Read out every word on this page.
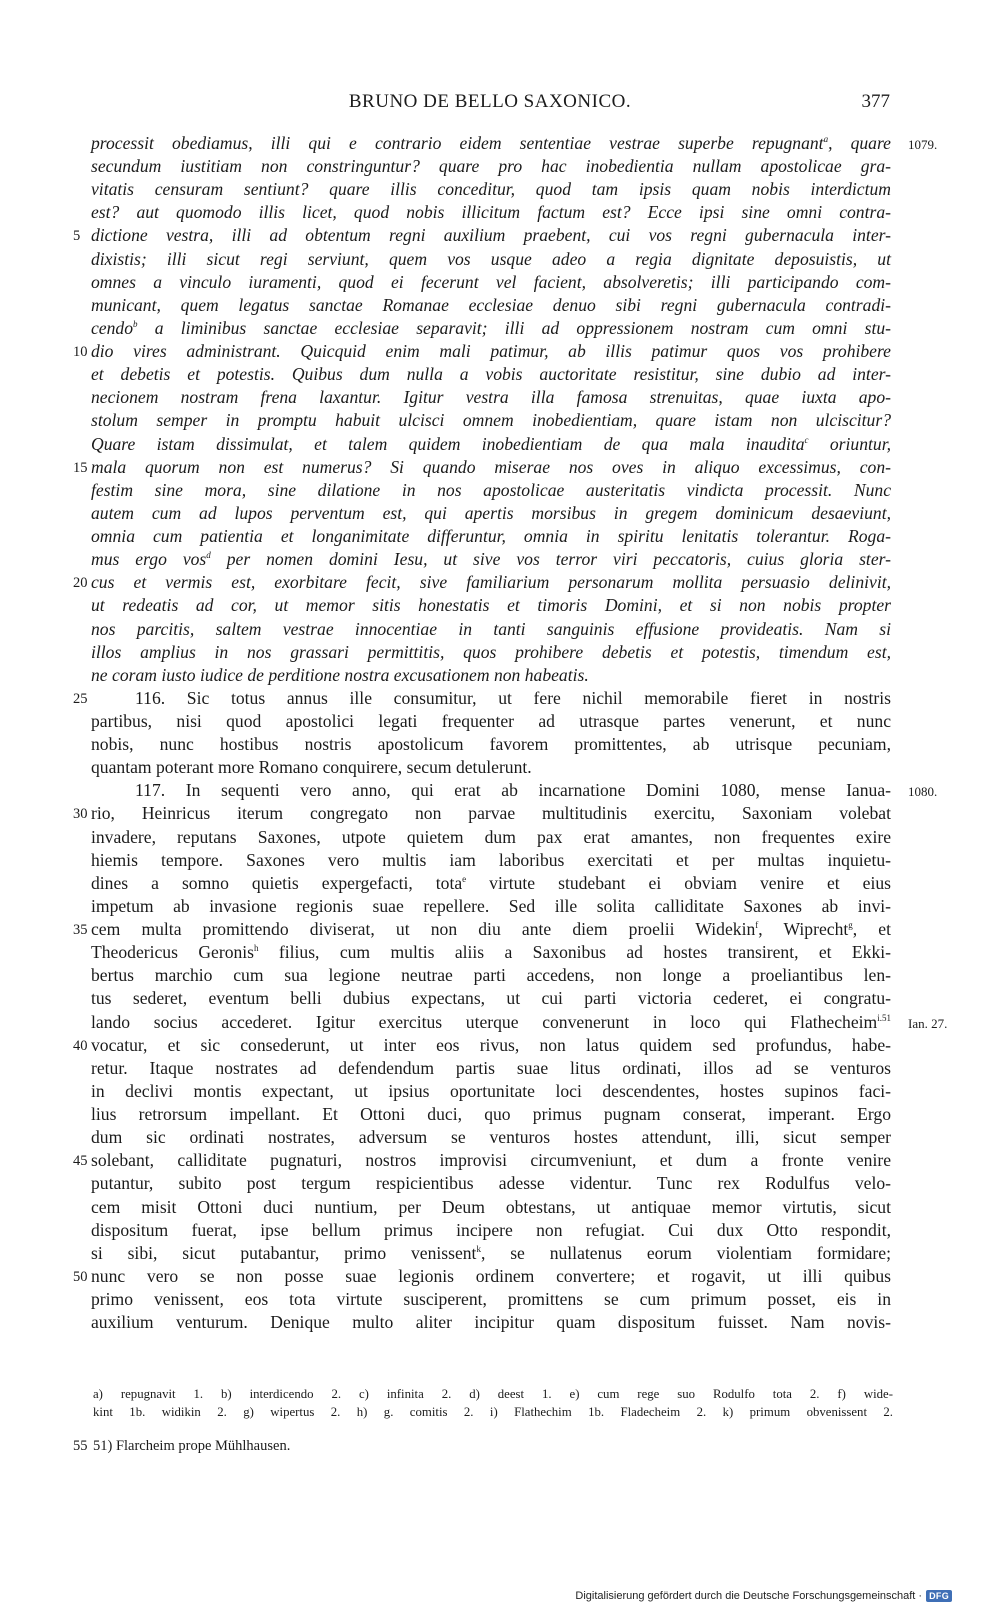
BRUNO DE BELLO SAXONICO.	377
processit obediamus, illi qui e contrario eidem sententiae vestrae superbe repugnant$^a$, quare
secundum iustitiam non constringuntur? quare pro hac inobedientia nullam apostolicae gra-
vitatis censuram sentiunt? quare illis conceditur, quod tam ipsis quam nobis interdictum
est? aut quomodo illis licet, quod nobis illicitum factum est? Ecce ipsi sine omni contra-
dictione vestra, illi ad obtentum regni auxilium praebent, cui vos regni gubernacula inter-
dixistis; illi sicut regi serviunt, quem vos usque adeo a regia dignitate deposuistis, ut
omnes a vinculo iuramenti, quod ei fecerunt vel facient, absolveretis; illi participando com-
municant, quem legatus sanctae Romanae ecclesiae denuo sibi regni gubernacula contradi-
cendo$^b$ a liminibus sanctae ecclesiae separavit; illi ad oppressionem nostram cum omni stu-
dio vires administrant. Quicquid enim mali patimur, ab illis patimur quos vos prohibere
et debetis et potestis. Quibus dum nulla a vobis auctoritate resistitur, sine dubio ad inter-
necionem nostram frena laxantur. Igitur vestra illa famosa strenuitas, quae iuxta apo-
stolum semper in promptu habuit ulcisci omnem inobedientiam, quare istam non ulciscitur?
Quare istam dissimulat, et talem quidem inobedientiam de qua mala inaudita$^c$ oriuntur,
mala quorum non est numerus? Si quando miserae nos oves in aliquo excessimus, con-
festim sine mora, sine dilatione in nos apostolicae austeritatis vindicta processit. Nunc
autem cum ad lupos perventum est, qui apertis morsibus in gregem dominicum desaeviunt,
omnia cum patientia et longanimitate differuntur, omnia in spiritu lenitatis tolerantur. Roga-
mus ergo vos$^d$ per nomen domini Iesu, ut sive vos terror viri peccatoris, cuius gloria ster-
cus et vermis est, exorbitare fecit, sive familiarium personarum mollita persuasio delinivit,
ut redeatis ad cor, ut memor sitis honestatis et timoris Domini, et si non nobis propter
nos parcitis, saltem vestrae innocentiae in tanti sanguinis effusione provideatis. Nam si
illos amplius in nos grassari permittitis, quos prohibere debetis et potestis, timendum est,
ne coram iusto iudice de perditione nostra excusationem non habeatis.
116. Sic totus annus ille consumitur, ut fere nichil memorabile fieret in nostris
partibus, nisi quod apostolici legati frequenter ad utrasque partes venerunt, et nunc
nobis, nunc hostibus nostris apostolicum favorem promittentes, ab utrisque pecuniam,
quantam poterant more Romano conquirere, secum detulerunt.
117. In sequenti vero anno, qui erat ab incarnatione Domini 1080, mense Ianua-
rio, Heinricus iterum congregato non parvae multitudinis exercitu, Saxoniam volebat
invadere, reputans Saxones, utpote quietem dum pax erat amantes, non frequentes exire
hiemis tempore. Saxones vero multis iam laboribus exercitati et per multas inquietu-
dines a somno quietis expergefacti, tota$^e$ virtute studebant ei obviam venire et eius
impetum ab invasione regionis suae repellere. Sed ille solita calliditate Saxones ab invi-
cem multa promittendo diviserat, ut non diu ante diem proelii Widekin$^f$, Wiprecht$^g$, et
Theodericus Geronis$^h$ filius, cum multis aliis a Saxonibus ad hostes transirent, et Ekki-
bertus marchio cum sua legione neutrae parti accedens, non longe a proeliantibus len-
tus sederet, eventum belli dubius expectans, ut cui parti victoria cederet, ei congratu-
lando socius accederet. Igitur exercitus uterque convenerunt in loco qui Flathecheim$^{i.51}$
vocatur, et sic consederunt, ut inter eos rivus, non latus quidem sed profundus, habe-
retur. Itaque nostrates ad defendendum partis suae litus ordinati, illos ad se venturos
in declivi montis expectant, ut ipsius oportunitate loci descendentes, hostes supinos faci-
lius retrorsum impellant. Et Ottoni duci, quo primus pugnam conserat, imperant. Ergo
dum sic ordinati nostrates, adversum se venturos hostes attendunt, illi, sicut semper
solebant, calliditate pugnaturi, nostros improvisi circumveniunt, et dum a fronte venire
putantur, subito post tergum respicientibus adesse videntur. Tunc rex Rodulfus velo-
cem misit Ottoni duci nuntium, per Deum obtestans, ut antiquae memor virtutis, sicut
dispositum fuerat, ipse bellum primus incipere non refugiat. Cui dux Otto respondit,
si sibi, sicut putabantur, primo venissent$^k$, se nullatenus eorum violentiam formidare;
nunc vero se non posse suae legionis ordinem convertere; et rogavit, ut illi quibus
primo venissent, eos tota virtute susciperent, promittens se cum primum posset, eis in
auxilium venturum. Denique multo aliter incipitur quam dispositum fuisset. Nam novis-
5
10
15
20
25
30
35
40
45
50
1079.
1080.
Ian. 27.
a) repugnavit 1. b) interdicendo 2. c) infinita 2. d) deest 1. e) cum rege suo Rodulfo tota 2. f) wide-
kint 1b. widikin 2. g) wipertus 2. h) g. comitis 2. i) Flathechim 1b. Fladecheim 2. k) primum obvenissent 2.
55 51) Flarcheim prope Mühlhausen.
Digitalisierung gefördert durch die Deutsche Forschungsgemeinschaft · DFG
